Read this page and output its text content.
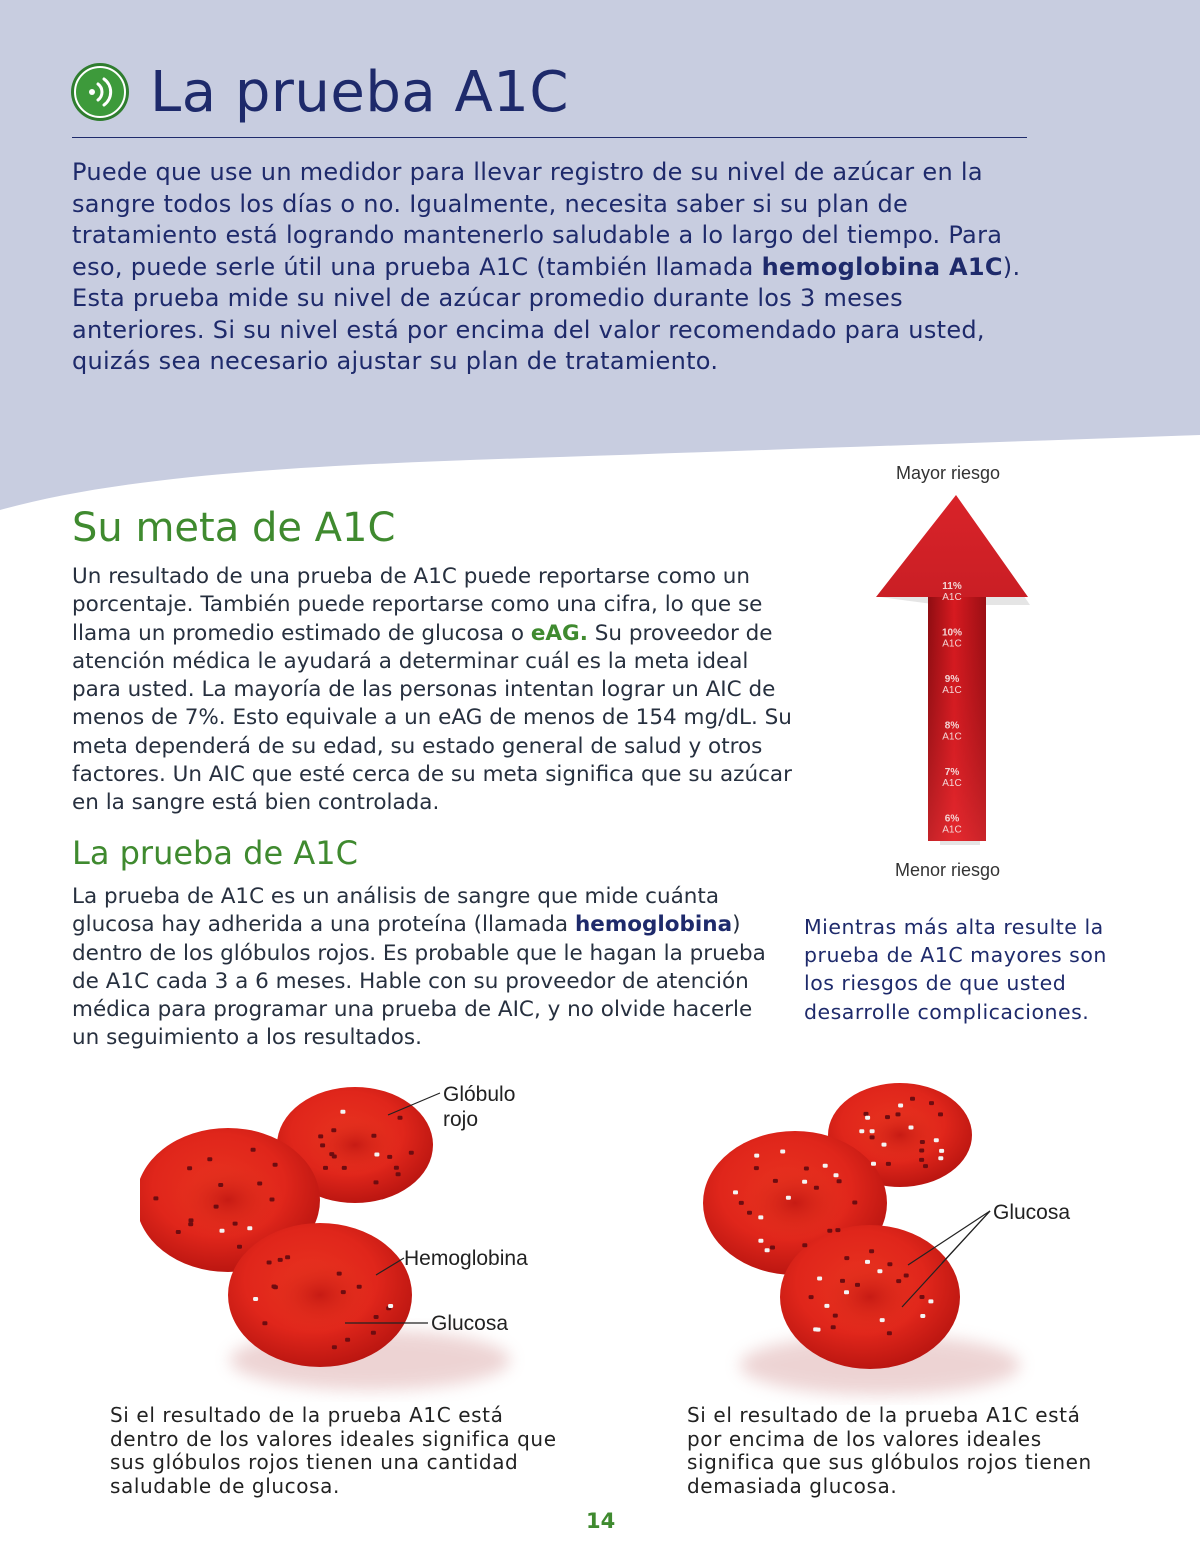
La prueba A1C

Puede que use un medidor para llevar registro de su nivel de azúcar en la sangre todos los días o no. Igualmente, necesita saber si su plan de tratamiento está logrando mantenerlo saludable a lo largo del tiempo. Para eso, puede serle útil una prueba A1C (también llamada hemoglobina A1C). Esta prueba mide su nivel de azúcar promedio durante los 3 meses anteriores. Si su nivel está por encima del valor recomendado para usted, quizás sea necesario ajustar su plan de tratamiento.

Su meta de A1C

Un resultado de una prueba de A1C puede reportarse como un porcentaje. También puede reportarse como una cifra, lo que se llama un promedio estimado de glucosa o eAG. Su proveedor de atención médica le ayudará a determinar cuál es la meta ideal para usted. La mayoría de las personas intentan lograr un AIC de menos de 7%. Esto equivale a un eAG de menos de 154 mg/dL. Su meta dependerá de su edad, su estado general de salud y otros factores. Un AIC que esté cerca de su meta significa que su azúcar en la sangre está bien controlada.

La prueba de A1C

La prueba de A1C es un análisis de sangre que mide cuánta glucosa hay adherida a una proteína (llamada hemoglobina) dentro de los glóbulos rojos. Es probable que le hagan la prueba de A1C cada 3 a 6 meses. Hable con su proveedor de atención médica para programar una prueba de AIC, y no olvide hacerle un seguimiento a los resultados.

Mayor riesgo
11%
A1C
10%
A1C
9%
A1C
8%
A1C
7%
A1C
6%
A1C
Menor riesgo

Mientras más alta resulte la prueba de A1C mayores son los riesgos de que usted desarrolle complicaciones.

Glóbulo
rojo
Hemoglobina
Glucosa

Si el resultado de la prueba A1C está dentro de los valores ideales significa que sus glóbulos rojos tienen una cantidad saludable de glucosa.

Glucosa

Si el resultado de la prueba A1C está por encima de los valores ideales significa que sus glóbulos rojos tienen demasiada glucosa.

14
